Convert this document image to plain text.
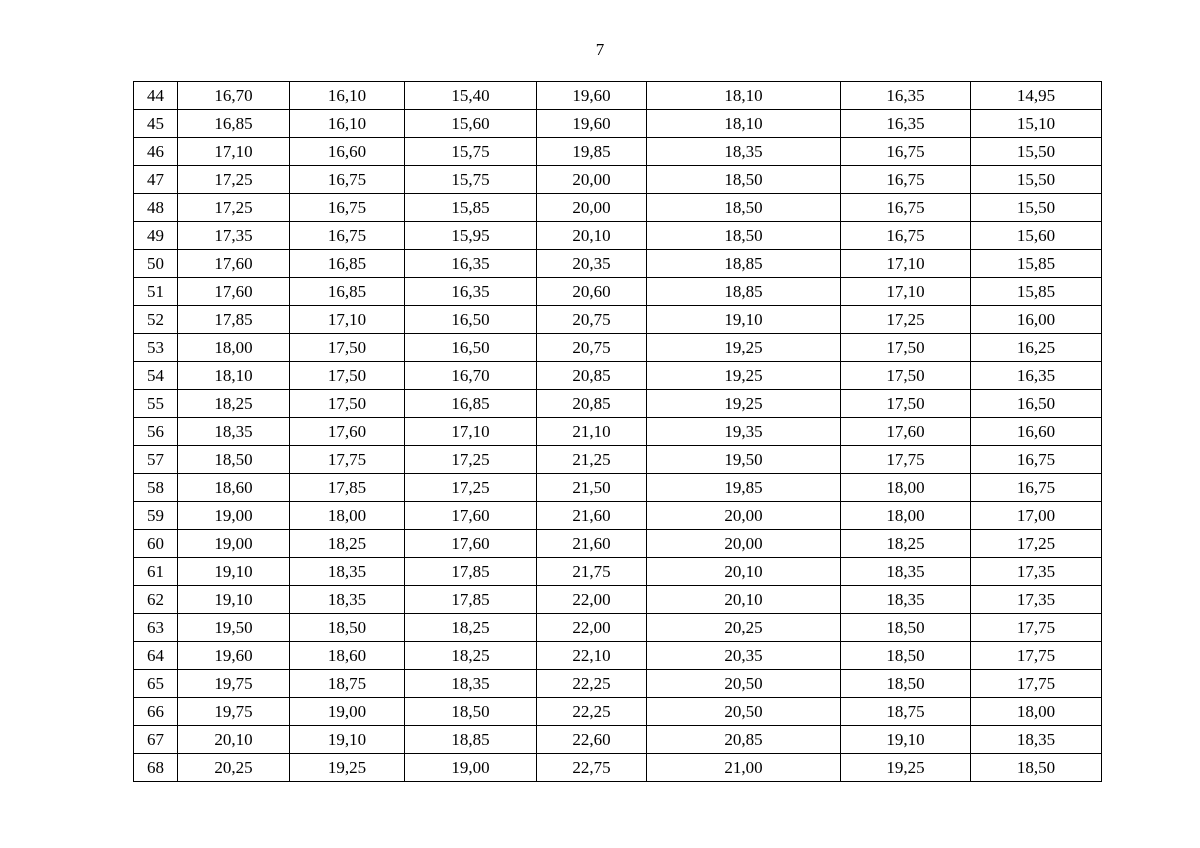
7
44	16,70	16,10	15,40	19,60	18,10	16,35	14,95
45	16,85	16,10	15,60	19,60	18,10	16,35	15,10
46	17,10	16,60	15,75	19,85	18,35	16,75	15,50
47	17,25	16,75	15,75	20,00	18,50	16,75	15,50
48	17,25	16,75	15,85	20,00	18,50	16,75	15,50
49	17,35	16,75	15,95	20,10	18,50	16,75	15,60
50	17,60	16,85	16,35	20,35	18,85	17,10	15,85
51	17,60	16,85	16,35	20,60	18,85	17,10	15,85
52	17,85	17,10	16,50	20,75	19,10	17,25	16,00
53	18,00	17,50	16,50	20,75	19,25	17,50	16,25
54	18,10	17,50	16,70	20,85	19,25	17,50	16,35
55	18,25	17,50	16,85	20,85	19,25	17,50	16,50
56	18,35	17,60	17,10	21,10	19,35	17,60	16,60
57	18,50	17,75	17,25	21,25	19,50	17,75	16,75
58	18,60	17,85	17,25	21,50	19,85	18,00	16,75
59	19,00	18,00	17,60	21,60	20,00	18,00	17,00
60	19,00	18,25	17,60	21,60	20,00	18,25	17,25
61	19,10	18,35	17,85	21,75	20,10	18,35	17,35
62	19,10	18,35	17,85	22,00	20,10	18,35	17,35
63	19,50	18,50	18,25	22,00	20,25	18,50	17,75
64	19,60	18,60	18,25	22,10	20,35	18,50	17,75
65	19,75	18,75	18,35	22,25	20,50	18,50	17,75
66	19,75	19,00	18,50	22,25	20,50	18,75	18,00
67	20,10	19,10	18,85	22,60	20,85	19,10	18,35
68	20,25	19,25	19,00	22,75	21,00	19,25	18,50
